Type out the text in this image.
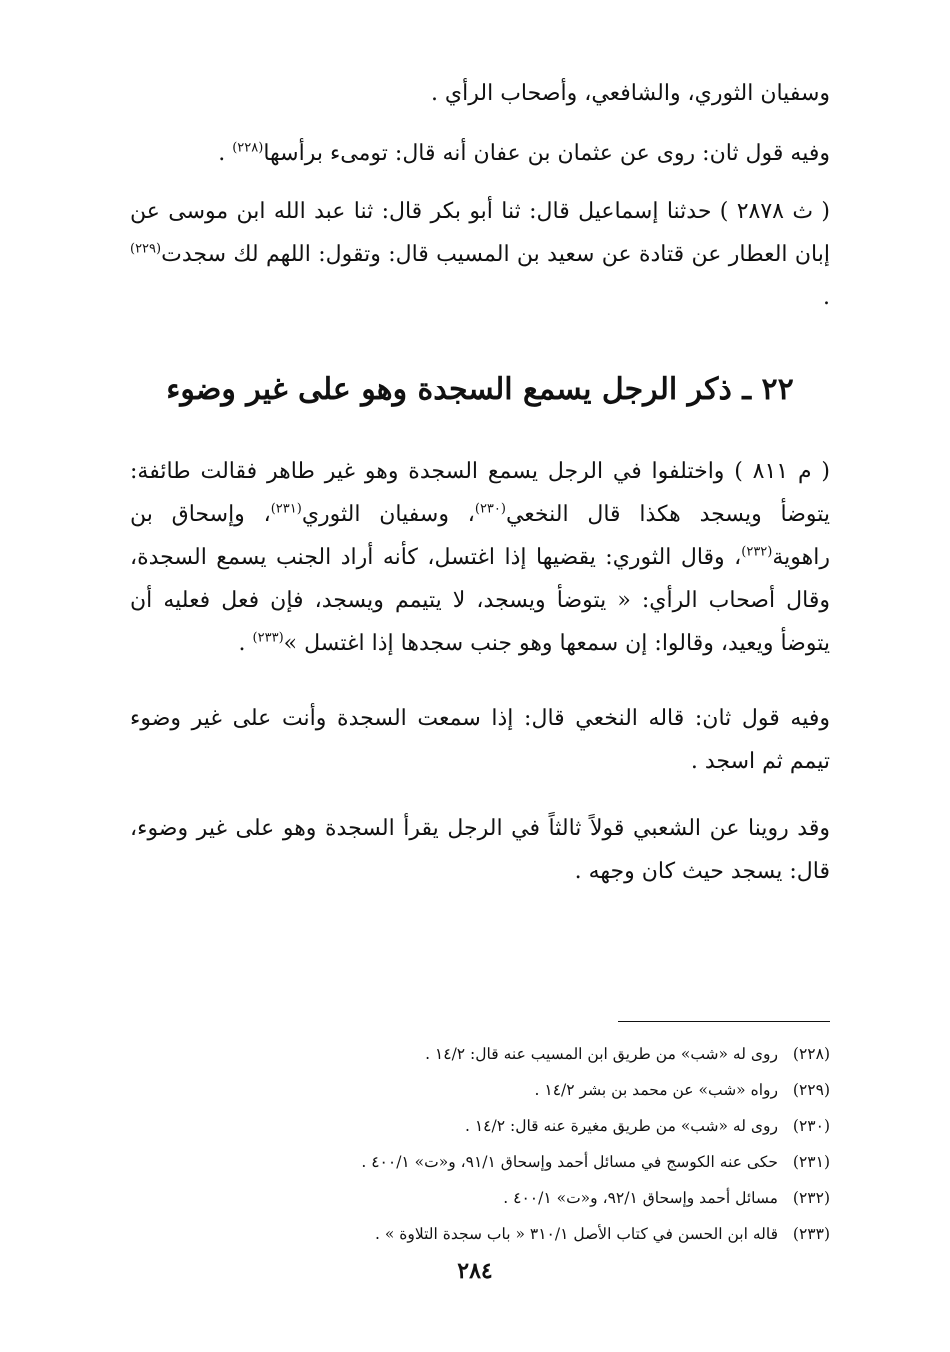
وسفيان الثوري، والشافعي، وأصحاب الرأي .
وفيه قول ثان: روى عن عثمان بن عفان أنه قال: تومىء برأسها$^{(٢٢٨)}$ .
( ث ٢٨٧٨ ) حدثنا إسماعيل قال: ثنا أبو بكر قال: ثنا عبد الله ابن موسى عن إبان العطار عن قتادة عن سعيد بن المسيب قال: وتقول: اللهم لك سجدت$^{(٢٢٩)}$ .
٢٢ ـ ذكر الرجل يسمع السجدة وهو على غير وضوء
( م ٨١١ ) واختلفوا في الرجل يسمع السجدة وهو غير طاهر فقالت طائفة: يتوضأ ويسجد هكذا قال النخعي$^{(٢٣٠)}$، وسفيان الثوري$^{(٢٣١)}$، وإسحاق بن راهوية$^{(٢٣٢)}$، وقال الثوري: يقضيها إذا اغتسل، كأنه أراد الجنب يسمع السجدة، وقال أصحاب الرأي: « يتوضأ ويسجد، لا يتيمم ويسجد، فإن فعل فعليه أن يتوضأ ويعيد، وقالوا: إن سمعها وهو جنب سجدها إذا اغتسل »$^{(٢٣٣)}$ .
وفيه قول ثان: قاله النخعي قال: إذا سمعت السجدة وأنت على غير وضوء تيمم ثم اسجد .
وقد روينا عن الشعبي قولاً ثالثاً في الرجل يقرأ السجدة وهو على غير وضوء، قال: يسجد حيث كان وجهه .
(٢٢٨)روى له «شب» من طريق ابن المسيب عنه قال: ١٤/٢ .
(٢٢٩)رواه «شب» عن محمد بن بشر ١٤/٢ .
(٢٣٠)روى له «شب» من طريق مغيرة عنه قال: ١٤/٢ .
(٢٣١)حكى عنه الكوسج في مسائل أحمد وإسحاق ٩١/١، و«ت» ٤٠٠/١ .
(٢٣٢)مسائل أحمد وإسحاق ٩٢/١، و«ت» ٤٠٠/١ .
(٢٣٣)قاله ابن الحسن في كتاب الأصل ٣١٠/١ « باب سجدة التلاوة » .
٢٨٤
